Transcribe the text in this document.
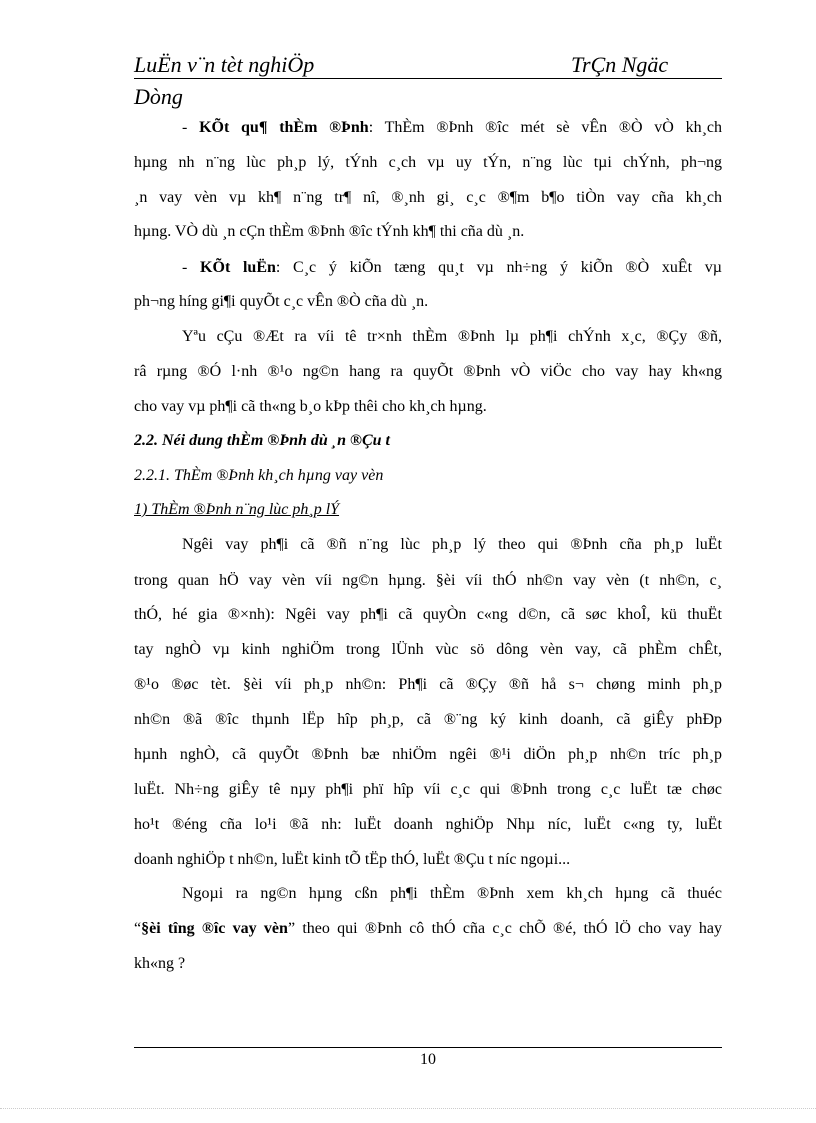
LuËn v¨n tèt nghiÖp	TrÇn Ngäc
Dòng
- KÕt qu¶ thÈm ®Þnh: ThÈm ®Þnh ®îc mét sè vÊn ®Ò vÒ kh¸ch
hµng nh n¨ng lùc ph¸p lý, tÝnh c¸ch vµ uy tÝn, n¨ng lùc tµi chÝnh, ph¬ng
¸n vay vèn vµ kh¶ n¨ng tr¶ nî, ®¸nh gi¸ c¸c ®¶m b¶o tiÒn vay cña kh¸ch
hµng. VÒ dù ¸n cÇn thÈm ®Þnh ®îc tÝnh kh¶ thi cña dù ¸n.
- KÕt luËn: C¸c ý kiÕn tæng qu¸t vµ nh÷ng ý kiÕn ®Ò xuÊt vµ
ph¬ng híng gi¶i quyÕt c¸c vÊn ®Ò cña dù ¸n.
Yªu cÇu ®Æt ra víi tê tr×nh thÈm ®Þnh lµ ph¶i chÝnh x¸c, ®Çy ®ñ,
râ rµng ®Ó l·nh ®¹o ng©n hang ra quyÕt ®Þnh vÒ viÖc cho vay hay kh«ng
cho vay vµ ph¶i cã th«ng b¸o kÞp thêi cho kh¸ch hµng.
2.2. Néi dung thÈm ®Þnh dù ¸n ®Çu t
2.2.1. ThÈm ®Þnh kh¸ch hµng vay vèn
1) ThÈm ®Þnh n¨ng lùc ph¸p lÝ
Ngêi vay ph¶i cã ®ñ n¨ng lùc ph¸p lý theo qui ®Þnh cña ph¸p luËt
trong quan hÖ vay vèn víi ng©n hµng. §èi víi thÓ nh©n vay vèn (t nh©n, c¸
thÓ, hé gia ®×nh): Ngêi vay ph¶i cã quyÒn c«ng d©n, cã søc khoÎ, kü thuËt
tay nghÒ vµ kinh nghiÖm trong lÜnh vùc sö dông vèn vay, cã phÈm chÊt,
®¹o ®øc tèt. §èi víi ph¸p nh©n: Ph¶i cã ®Çy ®ñ hå s¬ chøng minh ph¸p
nh©n ®ã ®îc thµnh lËp hîp ph¸p, cã ®¨ng ký kinh doanh, cã giÊy phÐp
hµnh nghÒ, cã quyÕt ®Þnh bæ nhiÖm ngêi ®¹i diÖn ph¸p nh©n tríc ph¸p
luËt. Nh÷ng giÊy tê nµy ph¶i phï hîp víi c¸c qui ®Þnh trong c¸c luËt tæ chøc
ho¹t ®éng cña lo¹i ®ã nh: luËt doanh nghiÖp Nhµ níc, luËt c«ng ty, luËt
doanh nghiÖp t nh©n, luËt kinh tÕ tËp thÓ, luËt ®Çu t níc ngoµi...
Ngoµi ra ng©n hµng cßn ph¶i thÈm ®Þnh xem kh¸ch hµng cã thuéc
“§èi tîng ®îc vay vèn” theo qui ®Þnh cô thÓ cña c¸c chÕ ®é, thÓ lÖ cho vay hay
kh«ng ?
10
